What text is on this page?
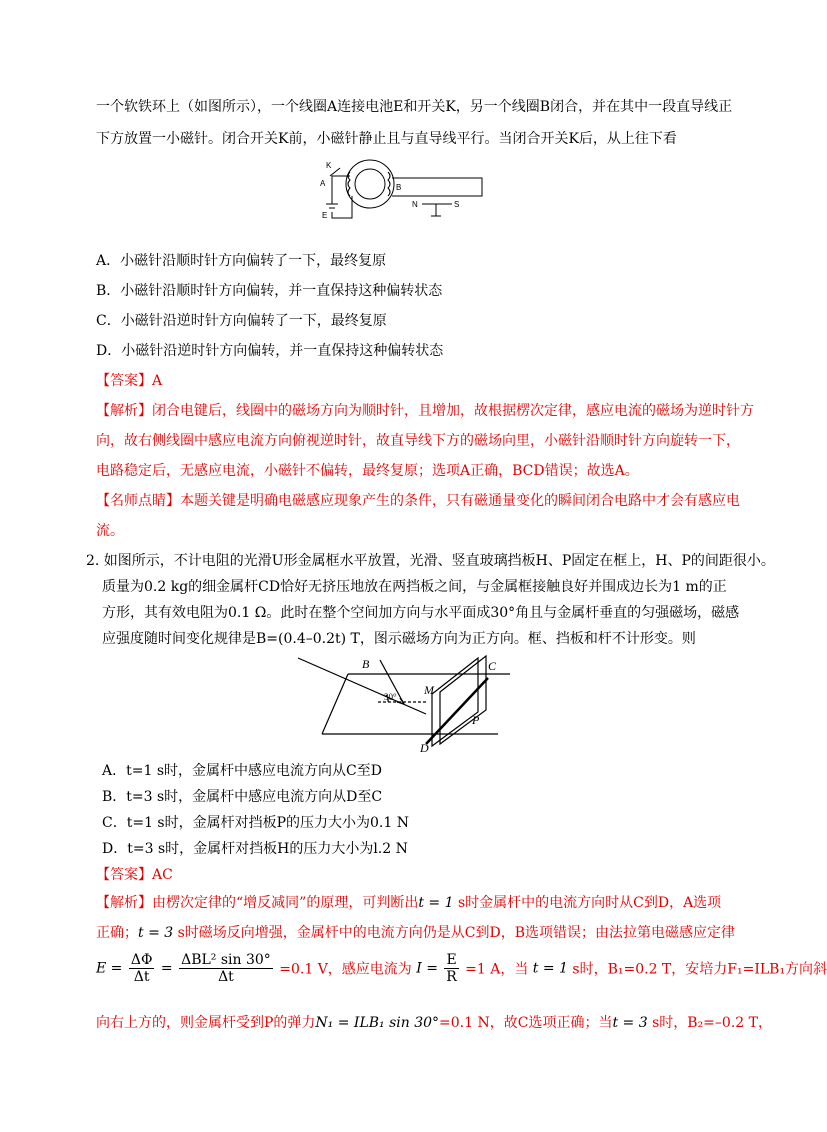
一个软铁环上（如图所示），一个线圈A连接电池E和开关K，另一个线圈B闭合，并在其中一段直导线正
下方放置一小磁针。闭合开关K前，小磁针静止且与直导线平行。当闭合开关K后，从上往下看
K
A
E
B
N	S
A．小磁针沿顺时针方向偏转了一下，最终复原
B．小磁针沿顺时针方向偏转，并一直保持这种偏转状态
C．小磁针沿逆时针方向偏转了一下，最终复原
D．小磁针沿逆时针方向偏转，并一直保持这种偏转状态
【答案】A
【解析】闭合电键后，线圈中的磁场方向为顺时针，且增加，故根据楞次定律，感应电流的磁场为逆时针方
向，故右侧线圈中感应电流方向俯视逆时针，故直导线下方的磁场向里，小磁针沿顺时针方向旋转一下，
电路稳定后，无感应电流，小磁针不偏转，最终复原；选项A正确，BCD错误；故选A。
【名师点睛】本题关键是明确电磁感应现象产生的条件，只有磁通量变化的瞬间闭合电路中才会有感应电
流。
2. 如图所示，不计电阻的光滑U形金属框水平放置，光滑、竖直玻璃挡板H、P固定在框上，H、P的间距很小。
质量为0.2 kg的细金属杆CD恰好无挤压地放在两挡板之间，与金属框接触良好并围成边长为1 m的正
方形，其有效电阻为0.1 Ω。此时在整个空间加方向与水平面成30°角且与金属杆垂直的匀强磁场，磁感
应强度随时间变化规律是B=(0.4–0.2t) T，图示磁场方向为正方向。框、挡板和杆不计形变。则
B	C
30° M
P
D
A．t=1 s时，金属杆中感应电流方向从C至D
B．t=3 s时，金属杆中感应电流方向从D至C
C．t=1 s时，金属杆对挡板P的压力大小为0.1 N
D．t=3 s时，金属杆对挡板H的压力大小为l.2 N
【答案】AC
【解析】由楞次定律的“增反减同”的原理，可判断出t = 1 s时金属杆中的电流方向时从C到D，A选项
正确；t = 3 s时磁场反向增强，金属杆中的电流方向仍是从C到D，B选项错误；由法拉第电磁感应定律
$E = \frac{\Delta\Phi}{\Delta t} = \frac{\text{ΔBL² sin 30°}}{\Delta t} =0.1$ V，感应电流为 $I = \frac{E}{R} =1$ A，当 t = 1 s时，B₁=0.2 T，安培力F₁=ILB₁方向斜
向右上方的，则金属杆受到P的弹力N₁ = ILB₁ sin 30°=0.1 N，故C选项正确；当t = 3 s时，B₂=–0.2 T，
